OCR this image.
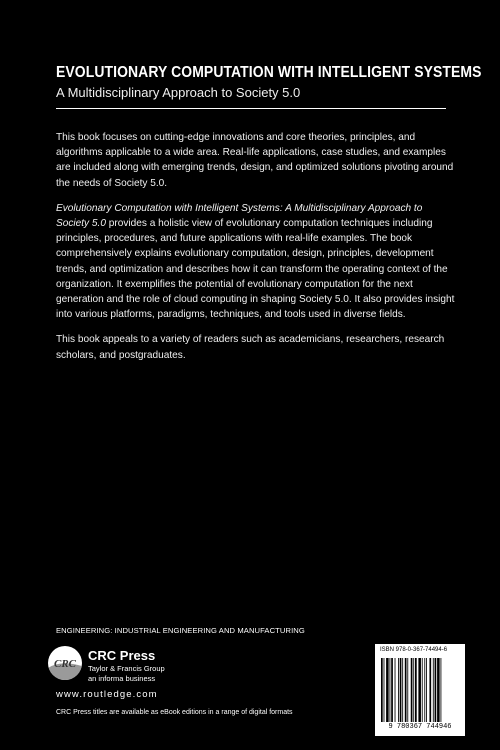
EVOLUTIONARY COMPUTATION WITH INTELLIGENT SYSTEMS
A Multidisciplinary Approach to Society 5.0

This book focuses on cutting-edge innovations and core theories, principles, and algorithms applicable to a wide area. Real-life applications, case studies, and examples are included along with emerging trends, design, and optimized solutions pivoting around the needs of Society 5.0.

Evolutionary Computation with Intelligent Systems: A Multidisciplinary Approach to Society 5.0 provides a holistic view of evolutionary computation techniques including principles, procedures, and future applications with real-life examples. The book comprehensively explains evolutionary computation, design, principles, development trends, and optimization and describes how it can transform the operating context of the organization. It exemplifies the potential of evolutionary computation for the next generation and the role of cloud computing in shaping Society 5.0. It also provides insight into various platforms, paradigms, techniques, and tools used in diverse fields.

This book appeals to a variety of readers such as academicians, researchers, research scholars, and postgraduates.

ENGINEERING: INDUSTRIAL ENGINEERING AND MANUFACTURING
CRC
CRC Press
Taylor & Francis Group
an informa business
www.routledge.com
CRC Press titles are available as eBook editions in a range of digital formats
ISBN 978-0-367-74494-6
9 780367 744946
